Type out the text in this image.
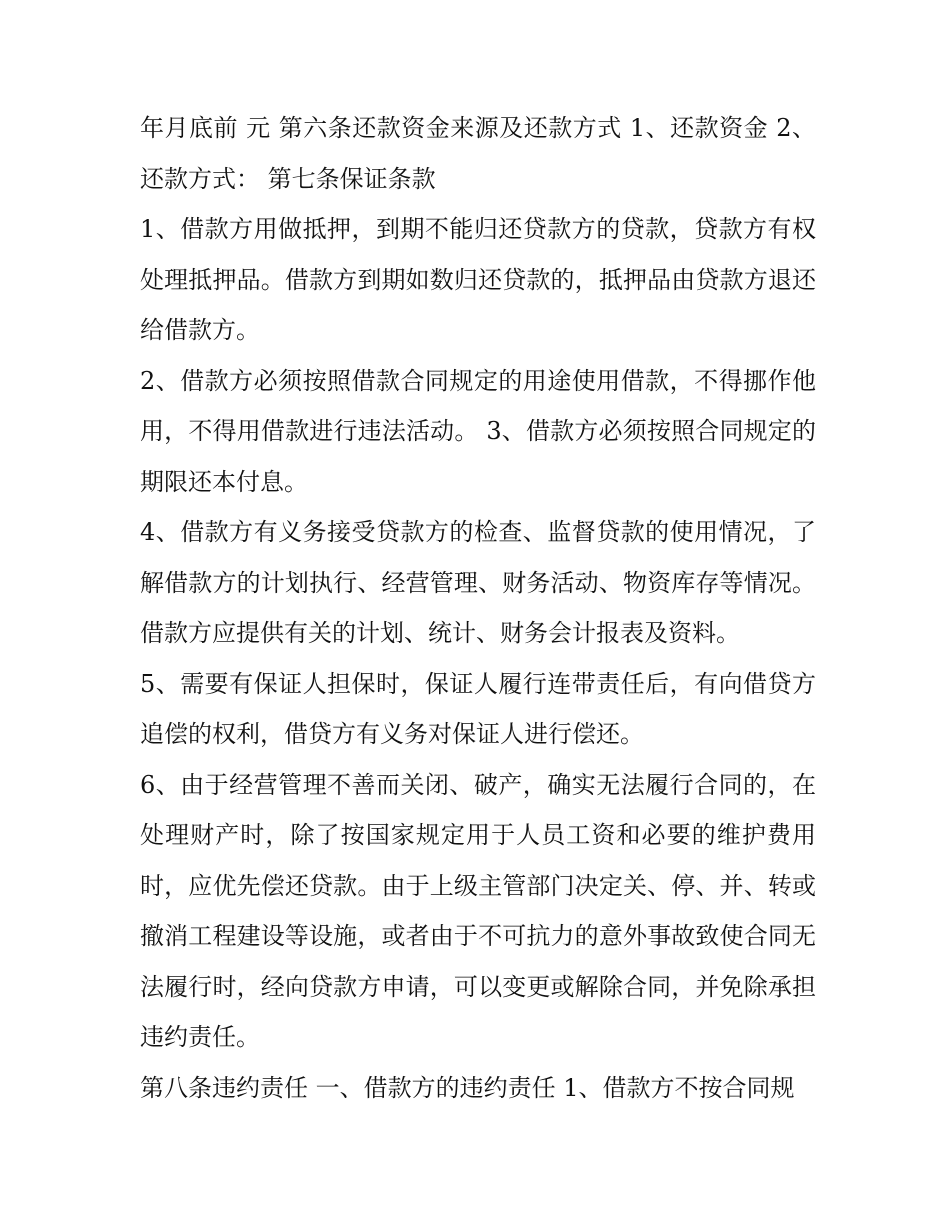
年月底前 元 第六条还款资金来源及还款方式 1、还款资金 2、还款方式： 第七条保证条款

1、借款方用做抵押，到期不能归还贷款方的贷款，贷款方有权处理抵押品。借款方到期如数归还贷款的，抵押品由贷款方退还给借款方。

2、借款方必须按照借款合同规定的用途使用借款，不得挪作他用，不得用借款进行违法活动。 3、借款方必须按照合同规定的期限还本付息。

4、借款方有义务接受贷款方的检查、监督贷款的使用情况，了解借款方的计划执行、经营管理、财务活动、物资库存等情况。借款方应提供有关的计划、统计、财务会计报表及资料。

5、需要有保证人担保时，保证人履行连带责任后，有向借贷方追偿的权利，借贷方有义务对保证人进行偿还。

6、由于经营管理不善而关闭、破产，确实无法履行合同的，在处理财产时，除了按国家规定用于人员工资和必要的维护费用时，应优先偿还贷款。由于上级主管部门决定关、停、并、转或撤消工程建设等设施，或者由于不可抗力的意外事故致使合同无法履行时，经向贷款方申请，可以变更或解除合同，并免除承担违约责任。

第八条违约责任 一、借款方的违约责任 1、借款方不按合同规
